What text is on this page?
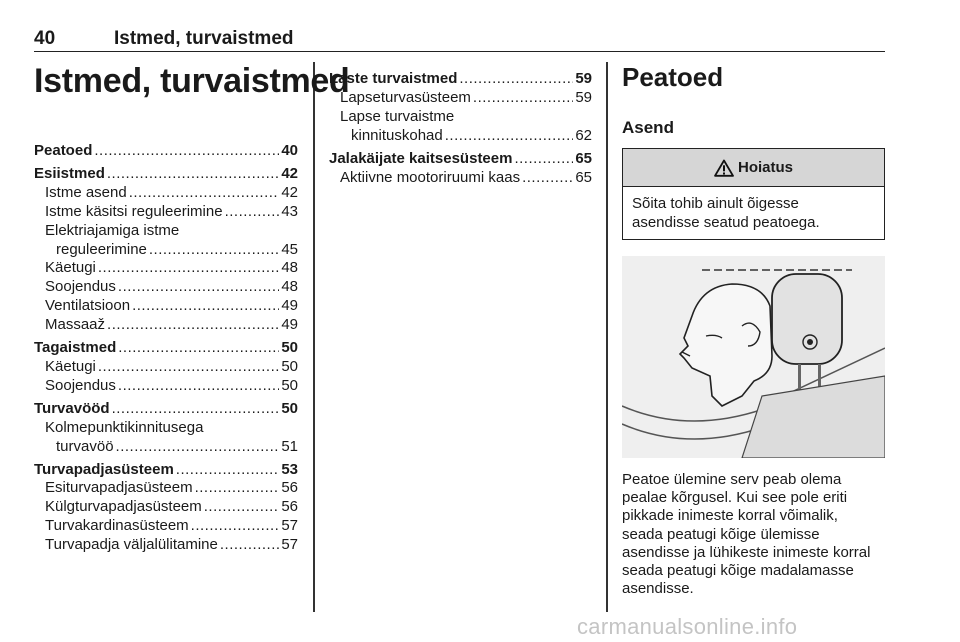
40	Istmed, turvaistmed
Istmed, turvaistmed
Peatoed .....	40
Esiistmed .....	42
Istme asend .....	42
Istme käsitsi reguleerimine .....	43
Elektriajamiga istme
reguleerimine .....	45
Käetugi .....	48
Soojendus .....	48
Ventilatsioon .....	49
Massaaž .....	49
Tagaistmed .....	50
Käetugi .....	50
Soojendus .....	50
Turvavööd .....	50
Kolmepunktikinnitusega
turvavöö .....	51
Turvapadjasüsteem .....	53
Esiturvapadjasüsteem .....	56
Külgturvapadjasüsteem .....	56
Turvakardinasüsteem .....	57
Turvapadja väljalülitamine .....	57
Laste turvaistmed .....	59
Lapseturvasüsteem .....	59
Lapse turvaistme
kinnituskohad .....	62
Jalakäijate kaitsesüsteem .....	65
Aktiivne mootoriruumi kaas .....	65
Peatoed
Asend
Hoiatus
Sõita tohib ainult õigesse
asendisse seatud peatoega.
Peatoe ülemine serv peab olema
pealae kõrgusel. Kui see pole eriti
pikkade inimeste korral võimalik,
seada peatugi kõige ülemisse
asendisse ja lühikeste inimeste korral
seada peatugi kõige madalamasse
asendisse.
carmanualsonline.info
